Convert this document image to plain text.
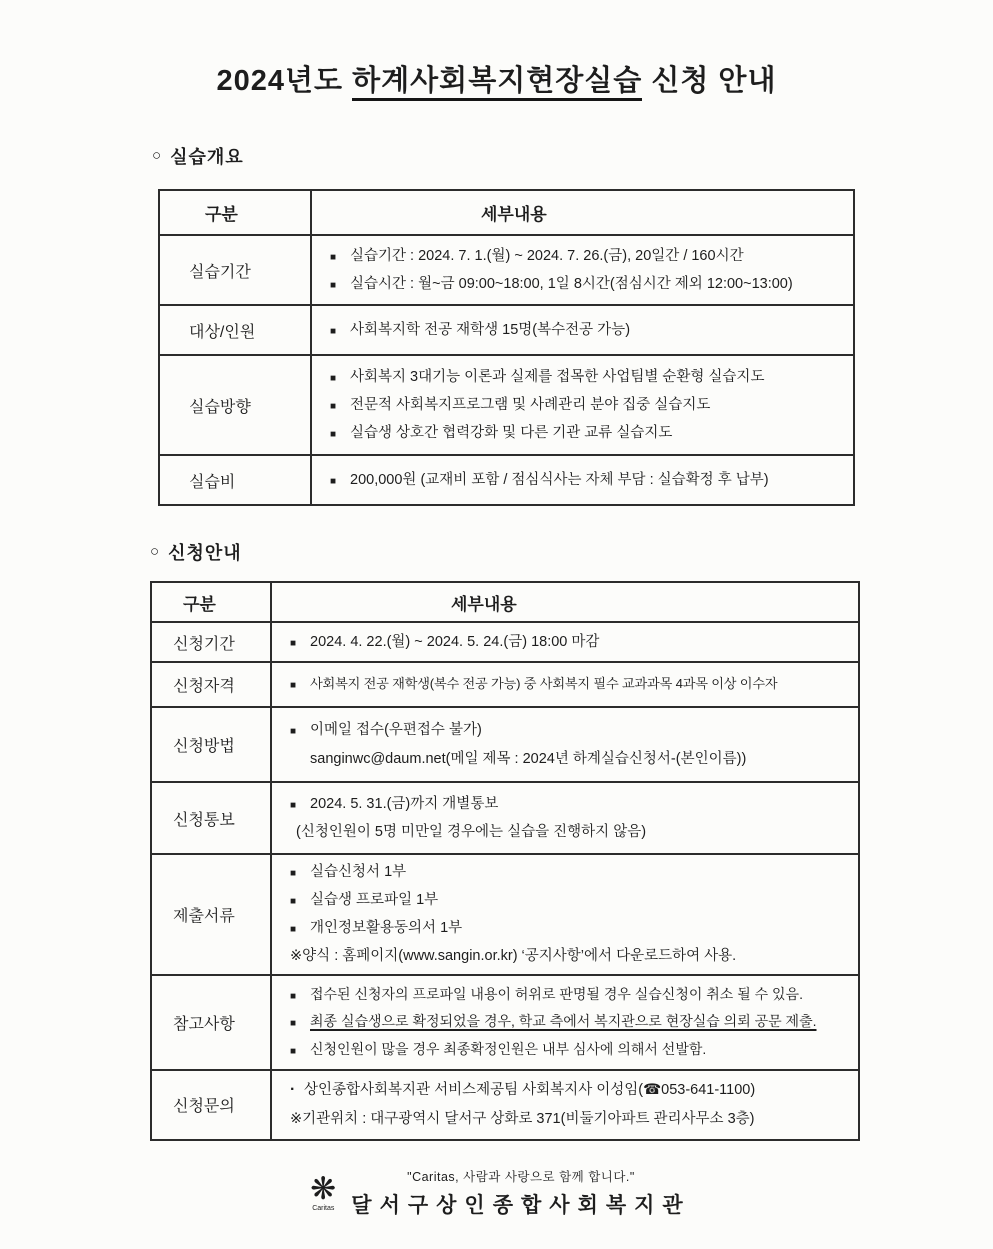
2024년도 하계사회복지현장실습 신청 안내
○ 실습개요
구분	세부내용

실습기간	■ 실습기간 : 2024. 7. 1.(월) ~ 2024. 7. 26.(금), 20일간 / 160시간
■ 실습시간 : 월~금 09:00~18:00, 1일 8시간(점심시간 제외 12:00~13:00)

대상/인원	■ 사회복지학 전공 재학생 15명(복수전공 가능)

실습방향

■ 사회복지 3대기능 이론과 실제를 접목한 사업팀별 순환형 실습지도
■ 전문적 사회복지프로그램 및 사례관리 분야 집중 실습지도
■ 실습생 상호간 협력강화 및 다른 기관 교류 실습지도

실습비	■ 200,000원 (교재비 포함 / 점심식사는 자체 부담 : 실습확정 후 납부)
○ 신청안내
구분	세부내용

신청기간	■ 2024. 4. 22.(월) ~ 2024. 5. 24.(금) 18:00 마감

신청자격	■ 사회복지 전공 재학생(복수 전공 가능) 중 사회복지 필수 교과과목 4과목 이상 이수자

신청방법	■ 이메일 접수(우편접수 불가)
sanginwc@daum.net(메일 제목 : 2024년 하계실습신청서-(본인이름))

신청통보	■ 2024. 5. 31.(금)까지 개별통보
(신청인원이 5명 미만일 경우에는 실습을 진행하지 않음)

제출서류

■ 실습신청서 1부
■ 실습생 프로파일 1부
■ 개인정보활용동의서 1부
※양식 : 홈페이지(www.sangin.or.kr) ‘공지사항’에서 다운로드하여 사용.

참고사항

■ 접수된 신청자의 프로파일 내용이 허위로 판명될 경우 실습신청이 취소 될 수 있음.
■ 최종 실습생으로 확정되었을 경우, 학교 측에서 복지관으로 현장실습 의뢰 공문 제출.
■ 신청인원이 많을 경우 최종확정인원은 내부 심사에 의해서 선발함.

신청문의	· 상인종합사회복지관 서비스제공팀 사회복지사 이성임(☎053-641-1100)
※기관위치 : 대구광역시 달서구 상화로 371(비둘기아파트 관리사무소 3층)
❋
Caritas
"Caritas, 사람과 사랑으로 함께 합니다."
달서구상인종합사회복지관
